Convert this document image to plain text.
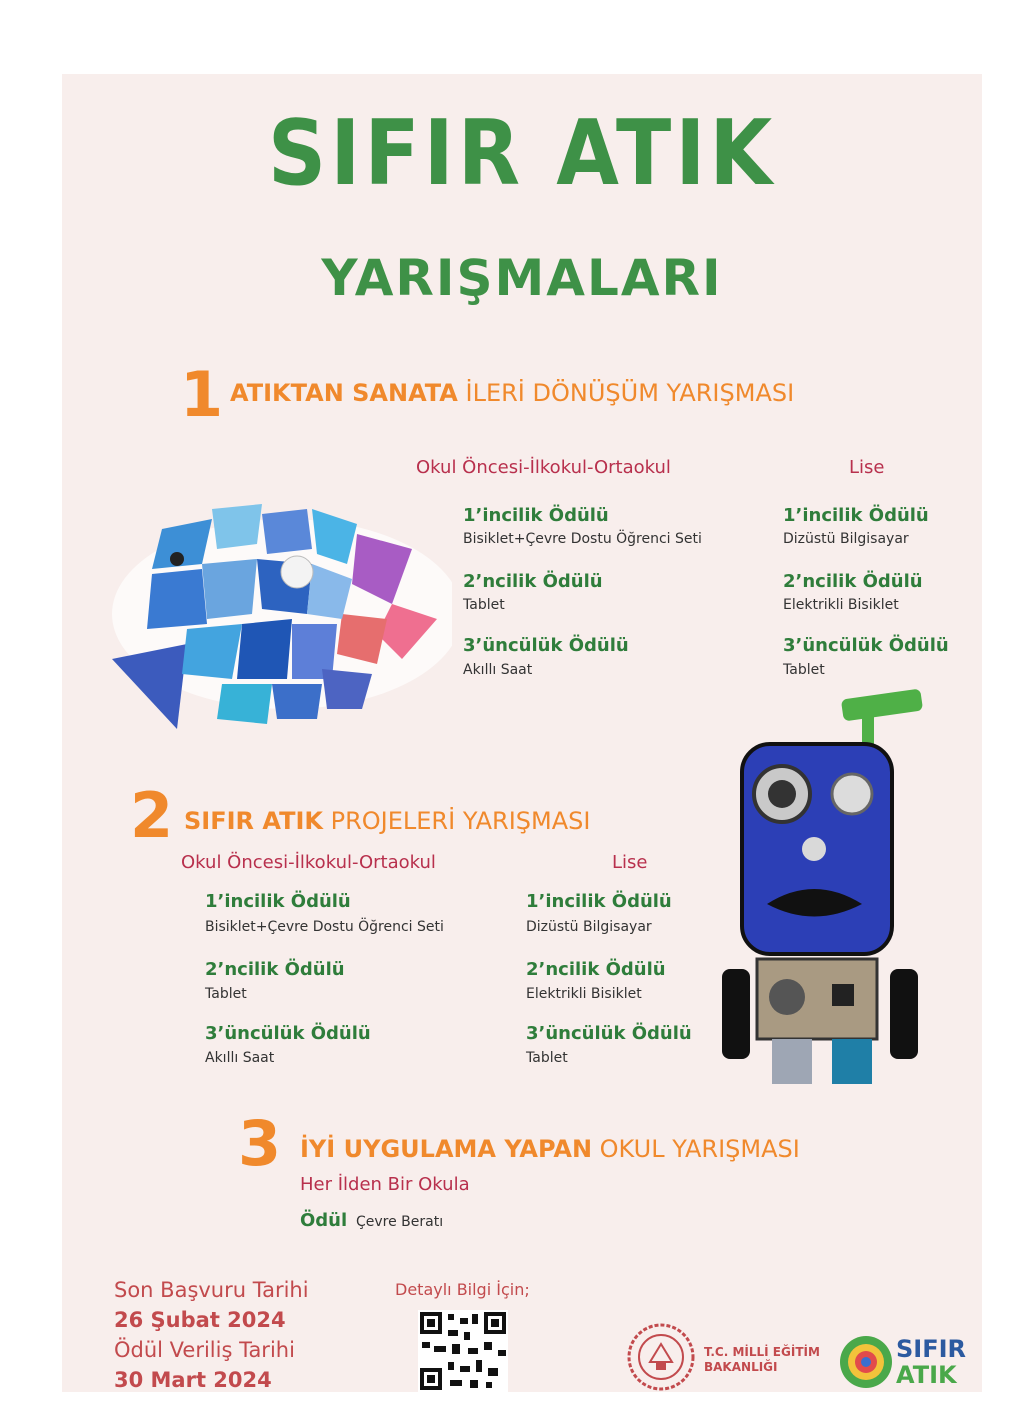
SIFIR ATIK
YARIŞMALARI
1 ATIKTAN SANATA İLERİ DÖNÜŞÜM YARIŞMASI
Okul Öncesi-İlkokul-Ortaokul	Lise
1’incilik Ödülü
Bisiklet+Çevre Dostu Öğrenci Seti
2’ncilik Ödülü
Tablet
3’üncülük Ödülü
Akıllı Saat
1’incilik Ödülü
Dizüstü Bilgisayar
2’ncilik Ödülü
Elektrikli Bisiklet
3’üncülük Ödülü
Tablet
2 SIFIR ATIK PROJELERİ YARIŞMASI
Okul Öncesi-İlkokul-Ortaokul	Lise
1’incilik Ödülü
Bisiklet+Çevre Dostu Öğrenci Seti
2’ncilik Ödülü
Tablet
3’üncülük Ödülü
Akıllı Saat
1’incilik Ödülü
Dizüstü Bilgisayar
2’ncilik Ödülü
Elektrikli Bisiklet
3’üncülük Ödülü
Tablet
3 İYİ UYGULAMA YAPAN OKUL YARIŞMASI
Her İlden Bir Okula
Ödül Çevre Beratı
Son Başvuru Tarihi
26 Şubat 2024
Ödül Veriliş Tarihi
30 Mart 2024
Detaylı Bilgi İçin;
T.C. MİLLİ EĞİTİM
BAKANLIĞI
SIFIR
ATIK
